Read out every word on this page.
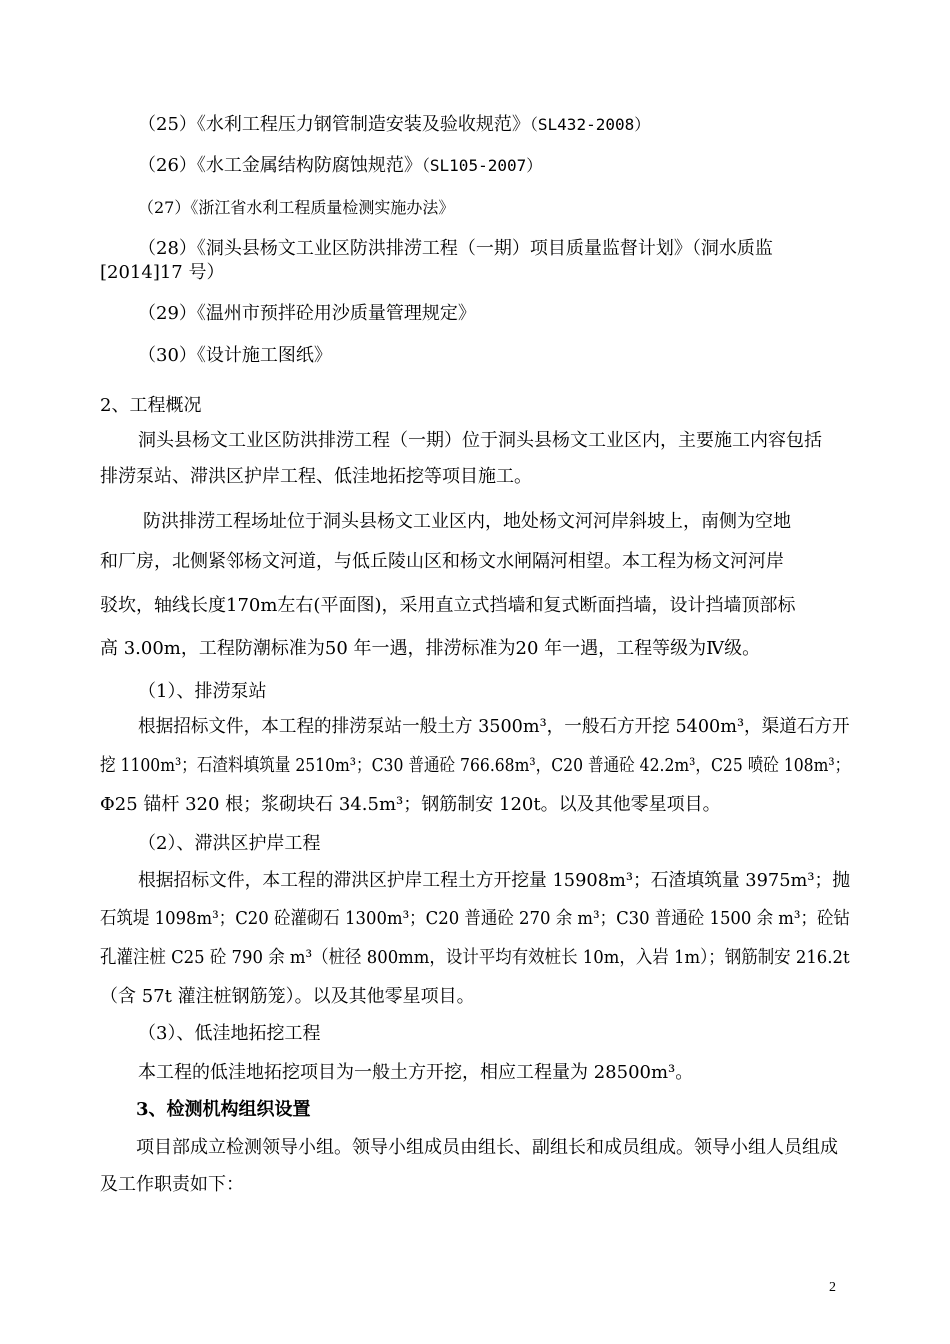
（25）《水利工程压力钢管制造安装及验收规范》（SL432-2008）
（26）《水工金属结构防腐蚀规范》（SL105-2007）
（27）《浙江省水利工程质量检测实施办法》
（28）《洞头县杨文工业区防洪排涝工程（一期）项目质量监督计划》（洞水质监
[2014]17 号）
（29）《温州市预拌砼用沙质量管理规定》
（30）《设计施工图纸》
2、工程概况
洞头县杨文工业区防洪排涝工程（一期）位于洞头县杨文工业区内，主要施工内容包括
排涝泵站、滞洪区护岸工程、低洼地拓挖等项目施工。
防洪排涝工程场址位于洞头县杨文工业区内，地处杨文河河岸斜坡上，南侧为空地
和厂房，北侧紧邻杨文河道，与低丘陵山区和杨文水闸隔河相望。本工程为杨文河河岸
驳坎，轴线长度170m左右(平面图)，采用直立式挡墙和复式断面挡墙，设计挡墙顶部标
高 3.00m，工程防潮标准为50 年一遇，排涝标准为20 年一遇，工程等级为Ⅳ级。
（1）、排涝泵站
根据招标文件，本工程的排涝泵站一般土方 3500m³，一般石方开挖 5400m³，渠道石方开
挖 1100m³；石渣料填筑量 2510m³；C30 普通砼 766.68m³，C20 普通砼 42.2m³，C25 喷砼 108m³；
Φ25 锚杆 320 根；浆砌块石 34.5m³；钢筋制安 120t。以及其他零星项目。
（2）、滞洪区护岸工程
根据招标文件，本工程的滞洪区护岸工程土方开挖量 15908m³；石渣填筑量 3975m³；抛
石筑堤 1098m³；C20 砼灌砌石 1300m³；C20 普通砼 270 余 m³；C30 普通砼 1500 余 m³；砼钻
孔灌注桩 C25 砼 790 余 m³（桩径 800mm，设计平均有效桩长 10m，入岩 1m）；钢筋制安 216.2t
（含 57t 灌注桩钢筋笼）。以及其他零星项目。
（3）、低洼地拓挖工程
本工程的低洼地拓挖项目为一般土方开挖，相应工程量为 28500m³。
3、检测机构组织设置
项目部成立检测领导小组。领导小组成员由组长、副组长和成员组成。领导小组人员组成
及工作职责如下：
2
